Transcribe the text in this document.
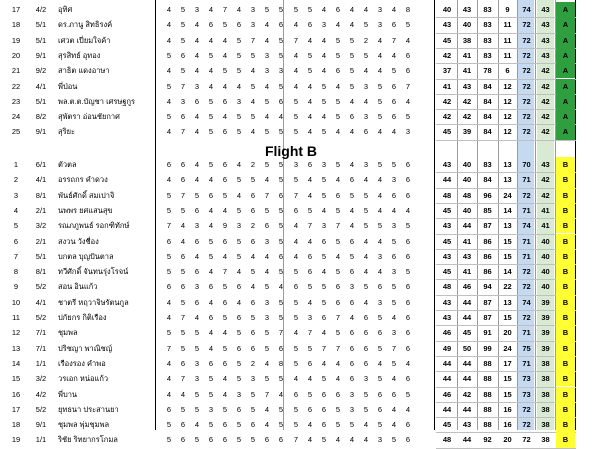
17	4/2	อุทิศ	4	5	3	4	7	4	3	5	5	5	5	4	6	4	4	3	4	8	40	43	83	9	74	43	A
18	5/1	ดร.ภานู สิทธิรงค์	4	5	4	6	5	6	3	4	6	4	6	3	4	4	5	3	6	5	43	40	83	11	72	43	A
19	5/1	เศวต เปี่ยมใจค้า	4	5	4	4	4	5	7	4	5	7	4	4	5	5	2	4	7	4	45	38	83	11	72	43	A
20	9/1	สุรสิทธ์ อุทอง	5	6	4	5	4	5	5	3	5	4	5	4	5	5	5	4	4	6	42	41	83	11	72	43	A
21	9/2	สาธิต แดงอาษา	4	5	4	4	5	5	4	3	3	4	5	4	6	5	4	4	5	6	37	41	78	6	72	42	A
22	4/1	พี่ป่อน	5	7	3	4	4	4	5	4	5	4	4	5	4	5	3	5	6	7	41	43	84	12	72	42	A
23	5/1	พล.ต.ต.บัญชา เศรษฐกูร	4	3	6	5	6	3	4	5	6	5	4	5	5	4	4	5	6	4	42	42	84	12	72	42	A
24	8/2	สุพัตรา อ่อนชัยกาศ	5	6	4	5	4	5	5	4	4	5	4	4	5	6	3	5	6	5	42	42	84	12	72	42	A
25	9/1	สุริยะ	4	7	4	5	6	5	4	5	5	5	4	5	4	4	6	4	4	3	45	39	84	12	72	42	A
Flight B
1	6/1	ตัวตล	6	6	4	5	6	4	2	5	5	3	6	3	5	4	3	5	5	6	43	40	83	13	70	43	B
2	4/1	อรรถกร คำดวง	4	6	4	4	6	5	5	4	5	5	4	5	4	6	4	4	3	6	44	40	84	13	71	42	B
3	8/1	พันธ์ศักดิ์ สมเปาจิ	5	7	5	6	5	4	6	7	6	7	4	5	6	5	5	4	6	6	48	48	96	24	72	42	B
4	2/1	นพพร ยศแสนสุข	5	5	6	4	4	5	6	5	5	6	5	4	5	4	5	4	4	4	45	40	85	14	71	41	B
5	3/2	รณภภูพนธ์ รอกฑิทักษ์	7	4	3	4	9	3	2	6	5	4	7	3	7	4	5	5	3	5	43	44	87	13	74	41	B
6	2/1	สงวน วังชื่อง	6	4	6	5	6	5	6	3	5	4	4	6	5	6	4	4	5	6	45	41	86	15	71	40	B
7	5/1	บกตล บุญปันตาล	5	6	4	5	4	5	4	4	6	4	6	5	4	5	4	3	6	6	43	43	86	15	71	40	B
8	8/1	ทวีศักดิ์ จันทนรุ่งโรจน์	5	5	6	4	7	4	5	4	5	5	6	4	5	6	4	4	3	5	45	41	86	14	72	40	B
9	5/2	สอน อินแก้ว	6	6	3	6	5	6	4	5	4	6	5	5	6	3	5	6	5	6	48	46	94	22	72	40	B
10	4/1	ชาตรี หฤวาจิษรัตนกูล	4	5	6	4	6	4	6	3	5	5	4	5	6	6	4	3	5	6	43	44	87	13	74	39	B
11	5/2	ปกัยกร กิติเรือง	4	7	4	6	5	6	5	3	5	5	3	6	7	4	6	5	4	6	43	44	87	15	72	39	B
12	7/1	ชุมพล	5	5	5	4	4	5	6	5	7	4	7	4	5	6	6	6	3	6	46	45	91	20	71	39	B
13	7/1	ปริชญา พาณิชญ์	7	5	5	4	5	6	6	5	6	5	5	7	7	6	6	5	7	6	49	50	99	24	75	39	B
14	1/1	เรืองรอง คำพอ	4	6	3	6	6	5	2	4	8	5	6	4	4	6	6	4	5	4	44	44	88	17	71	38	B
15	3/2	วรเอก หน่อแก้ว	4	7	3	5	4	5	3	5	5	4	4	5	4	6	3	5	4	6	44	44	88	15	73	38	B
16	4/2	พี่บาน	4	4	5	5	4	3	5	7	4	6	5	6	6	3	5	6	6	5	46	42	88	15	73	38	B
17	5/2	ยุทธนา ประสานยา	6	5	5	3	5	6	5	4	5	5	6	6	5	3	5	6	4	4	44	44	88	16	72	38	B
18	9/1	ชุมพล พุ่มชุมพล	5	6	4	5	6	5	6	4	5	5	4	6	5	5	4	5	4	6	45	43	88	16	72	38	B
19	1/1	ริชัย ริทยากรโกมล	5	6	5	6	6	5	5	6	6	7	4	5	4	4	4	3	5	6	48	44	92	20	72	38	B
